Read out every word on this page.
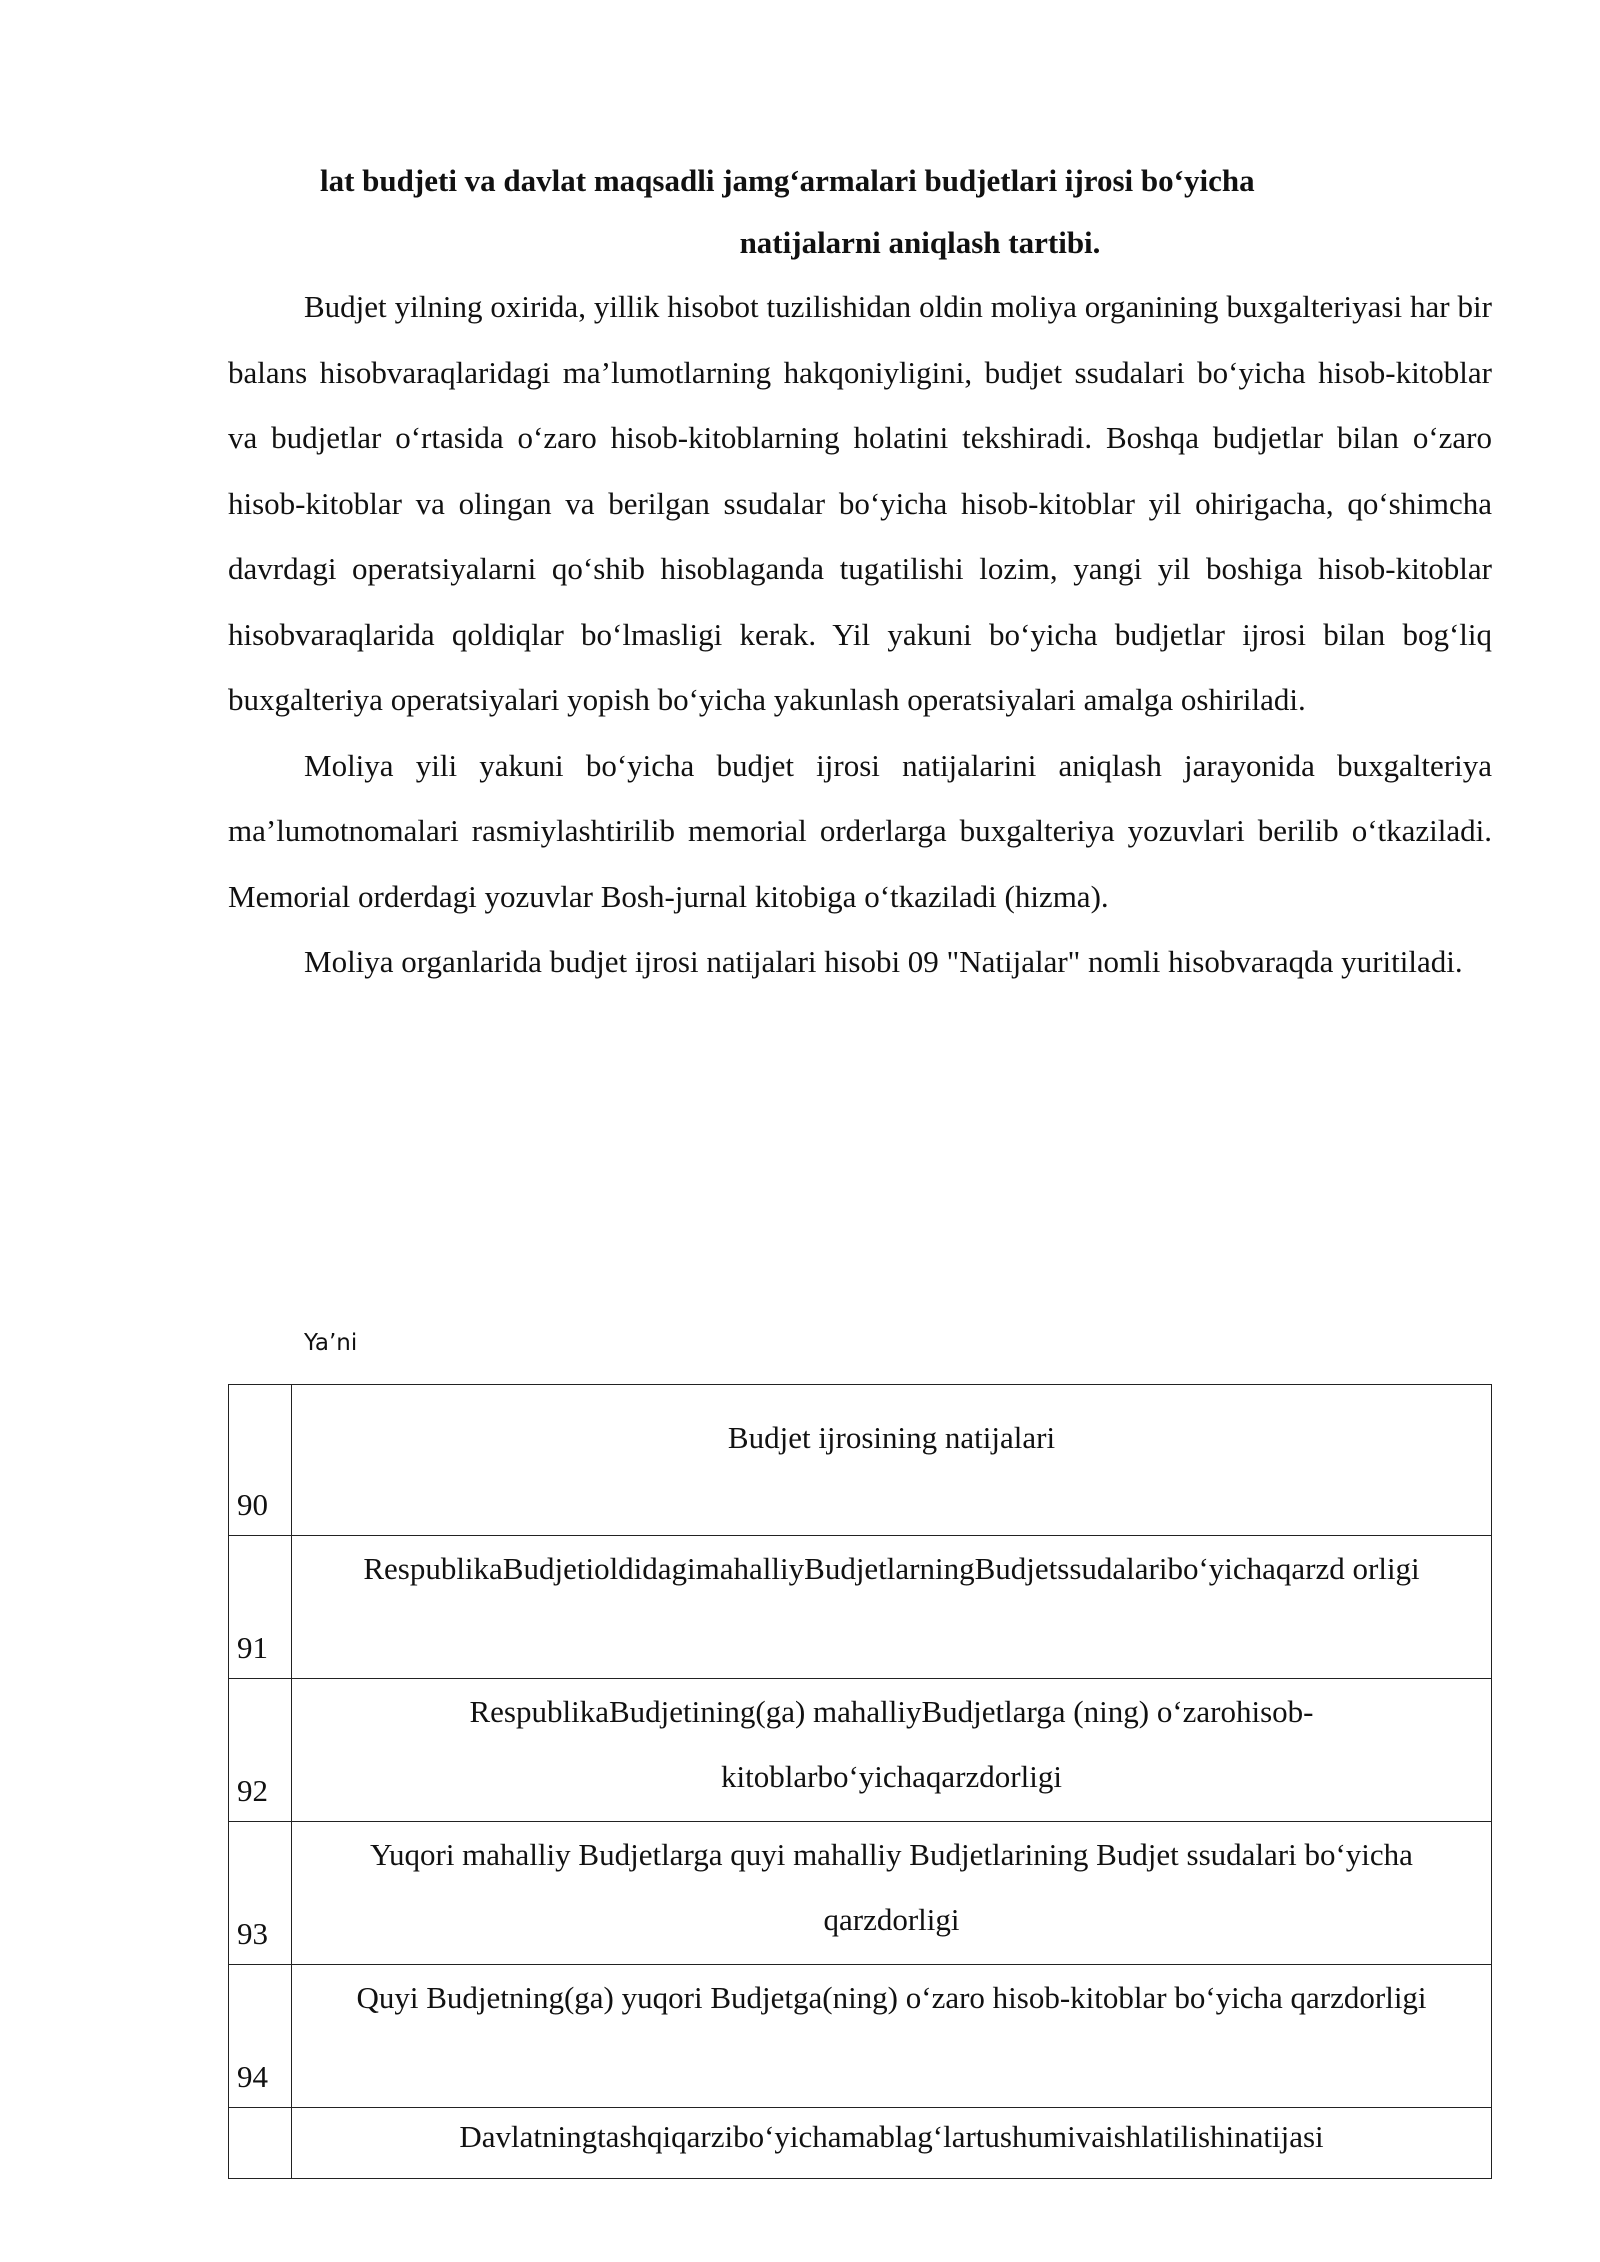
lat budjeti va davlat maqsadli jamg‘armalari budjetlari ijrosi bo‘yicha
natijalarni aniqlash tartibi.

Budjet yilning oxirida, yillik hisobot tuzilishidan oldin moliya organining buxgalteriyasi har bir balans hisobvaraqlaridagi ma’lumotlarning hakqoniyligini, budjet ssudalari bo‘yicha hisob-kitoblar va budjetlar o‘rtasida o‘zaro hisob-kitoblarning holatini tekshiradi. Boshqa budjetlar bilan o‘zaro hisob-kitoblar va olingan va berilgan ssudalar bo‘yicha hisob-kitoblar yil ohirigacha, qo‘shimcha davrdagi operatsiyalarni qo‘shib hisoblaganda tugatilishi lozim, yangi yil boshiga hisob-kitoblar hisobvaraqlarida qoldiqlar bo‘lmasligi kerak. Yil yakuni bo‘yicha budjetlar ijrosi bilan bog‘liq buxgalteriya operatsiyalari yopish bo‘yicha yakunlash operatsiyalari amalga oshiriladi.

Moliya yili yakuni bo‘yicha budjet ijrosi natijalarini aniqlash jarayonida buxgalteriya ma’lumotnomalari rasmiylashtirilib memorial orderlarga buxgalteriya yozuvlari berilib o‘tkaziladi. Memorial orderdagi yozuvlar Bosh-jurnal kitobiga o‘tkaziladi (hizma).

Moliya organlarida budjet ijrosi natijalari hisobi 09 "Natijalar" nomli hisobvaraqda yuritiladi.

Ya’ni
90	Budjet ijrosining natijalari
91	RespublikaBudjetioldidagimahalliyBudjetlarningBudjetssudalaribo‘yichaqarzd orligi
92	RespublikaBudjetining(ga) mahalliyBudjetlarga (ning) o‘zarohisob-kitoblarbo‘yichaqarzdorligi
93	Yuqori mahalliy Budjetlarga quyi mahalliy Budjetlarining Budjet ssudalari bo‘yicha qarzdorligi
94	Quyi Budjetning(ga) yuqori Budjetga(ning) o‘zaro hisob-kitoblar bo‘yicha qarzdorligi
	Davlatningtashqiqarzibo‘yichamablag‘lartushumivaishlatilishinatijasi
